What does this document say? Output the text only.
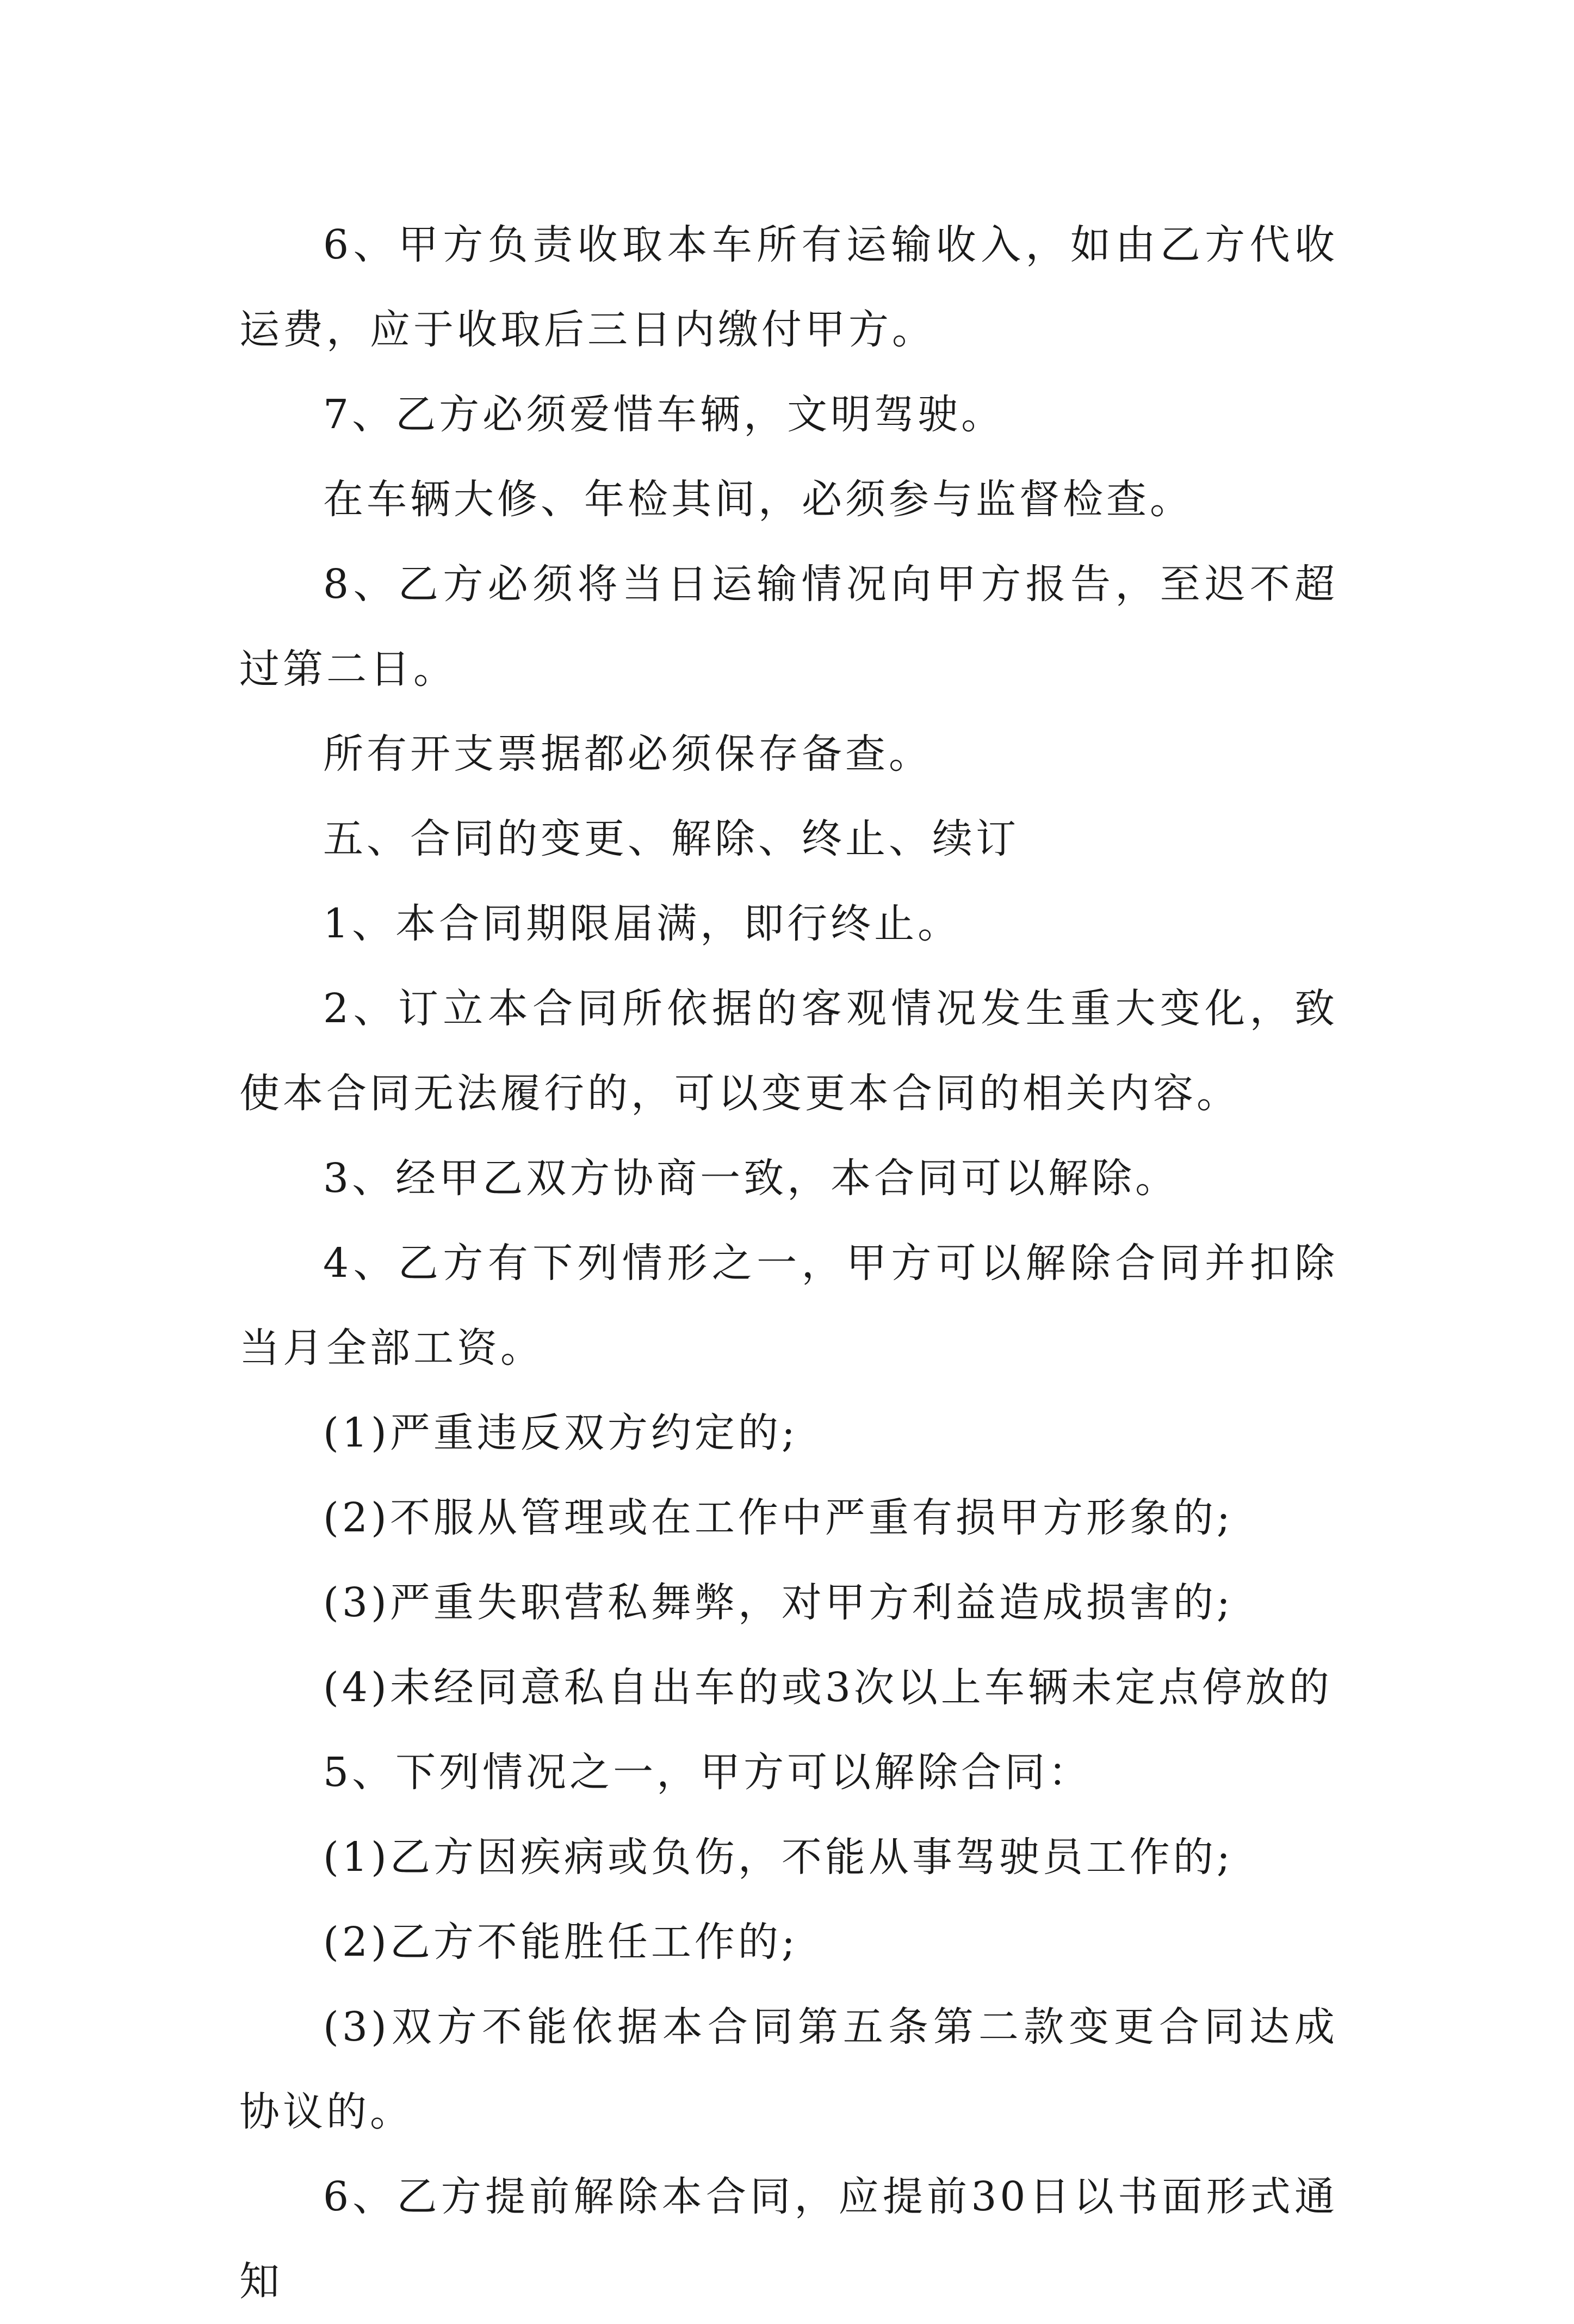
6、甲方负责收取本车所有运输收入，如由乙方代收运费，应于收取后三日内缴付甲方。

7、乙方必须爱惜车辆，文明驾驶。

在车辆大修、年检其间，必须参与监督检查。

8、乙方必须将当日运输情况向甲方报告，至迟不超过第二日。

所有开支票据都必须保存备查。

五、合同的变更、解除、终止、续订

1、本合同期限届满，即行终止。

2、订立本合同所依据的客观情况发生重大变化，致使本合同无法履行的，可以变更本合同的相关内容。

3、经甲乙双方协商一致，本合同可以解除。

4、乙方有下列情形之一，甲方可以解除合同并扣除当月全部工资。

(1)严重违反双方约定的;

(2)不服从管理或在工作中严重有损甲方形象的;

(3)严重失职营私舞弊，对甲方利益造成损害的;

(4)未经同意私自出车的或3次以上车辆未定点停放的

5、下列情况之一，甲方可以解除合同：

(1)乙方因疾病或负伤，不能从事驾驶员工作的;

(2)乙方不能胜任工作的;

(3)双方不能依据本合同第五条第二款变更合同达成协议的。

6、乙方提前解除本合同，应提前30日以书面形式通知
